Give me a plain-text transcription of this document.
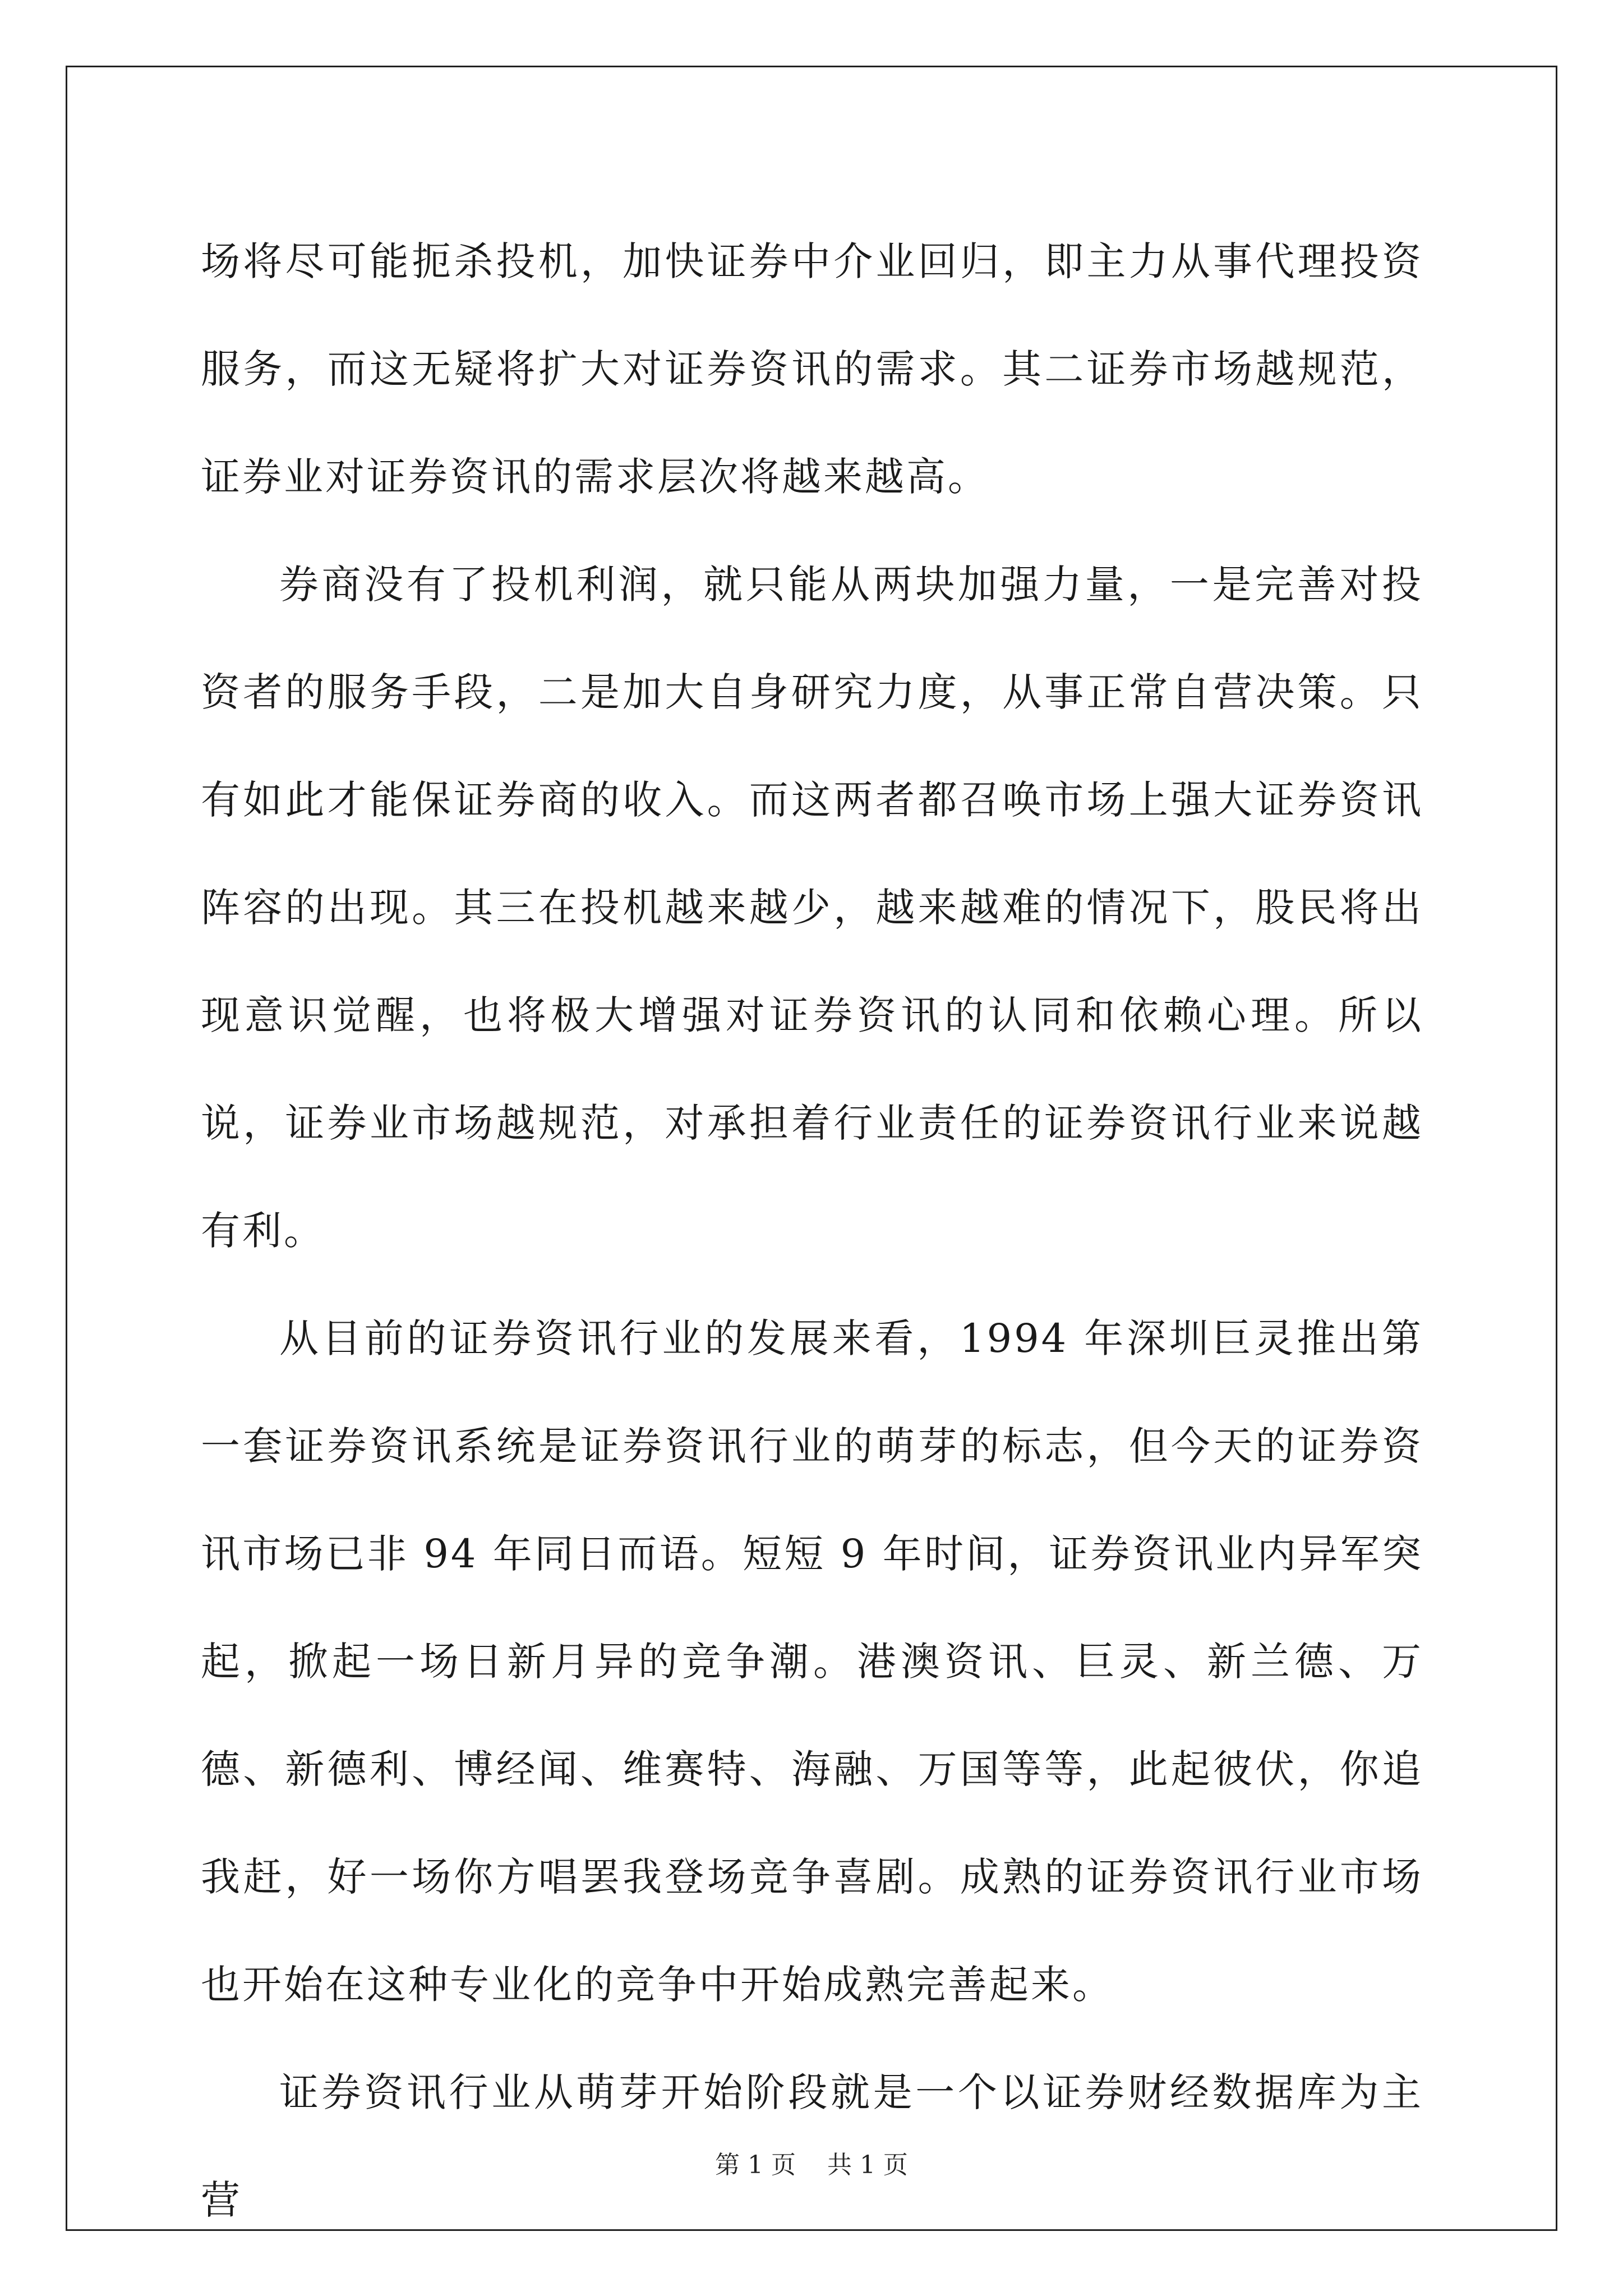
场将尽可能扼杀投机，加快证券中介业回归，即主力从事代理投资服务，而这无疑将扩大对证券资讯的需求。其二证券市场越规范，证券业对证券资讯的需求层次将越来越高。

券商没有了投机利润，就只能从两块加强力量，一是完善对投资者的服务手段，二是加大自身研究力度，从事正常自营决策。只有如此才能保证券商的收入。而这两者都召唤市场上强大证券资讯阵容的出现。其三在投机越来越少，越来越难的情况下，股民将出现意识觉醒，也将极大增强对证券资讯的认同和依赖心理。所以说，证券业市场越规范，对承担着行业责任的证券资讯行业来说越有利。

从目前的证券资讯行业的发展来看，1994 年深圳巨灵推出第一套证券资讯系统是证券资讯行业的萌芽的标志，但今天的证券资讯市场已非 94 年同日而语。短短 9 年时间，证券资讯业内异军突起，掀起一场日新月异的竞争潮。港澳资讯、巨灵、新兰德、万德、新德利、博经闻、维赛特、海融、万国等等，此起彼伏，你追我赶，好一场你方唱罢我登场竞争喜剧。成熟的证券资讯行业市场也开始在这种专业化的竞争中开始成熟完善起来。

证券资讯行业从萌芽开始阶段就是一个以证券财经数据库为主营

第 1 页 共 1 页
